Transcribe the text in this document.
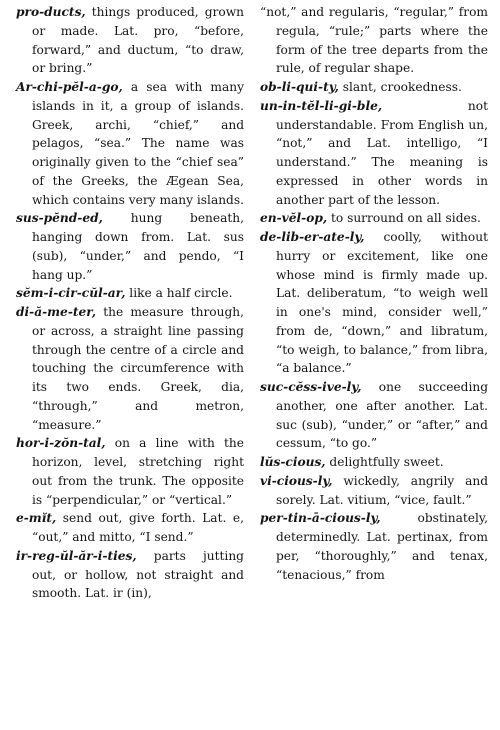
pro-ducts, things produced, grown or made. Lat. pro, “before, forward,” and ductum, “to draw, or bring.”

Ar-chi-pĕl-a-go, a sea with many islands in it, a group of islands. Greek, archi, “chief,” and pelagos, “sea.” The name was originally given to the “chief sea” of the Greeks, the Ægean Sea, which contains very many islands.

sus-pĕnd-ed, hung beneath, hanging down from. Lat. sus (sub), “under,” and pendo, “I hang up.”

sĕm-i-cir-cŭl-ar, like a half circle.

di-ă-me-ter, the measure through, or across, a straight line passing through the centre of a circle and touching the circumference with its two ends. Greek, dia, “through,” and metron, “measure.”

hor-i-zŏn-tal, on a line with the horizon, level, stretching right out from the trunk. The opposite is “perpendicular,” or “vertical.”

e-mĭt, send out, give forth. Lat. e, “out,” and mitto, “I send.”

ir-reg-ŭl-ăr-i-ties, parts jutting out, or hollow, not straight and smooth. Lat. ir (in),

“not,” and regularis, “regular,” from regula, “rule;” parts where the form of the tree departs from the rule, of regular shape.

ob-li-qui-ty, slant, crookedness.

un-in-tĕl-li-gi-ble, not understandable. From English un, “not,” and Lat. intelligo, “I understand.” The meaning is expressed in other words in another part of the lesson.

en-vĕl-op, to surround on all sides.

de-lib-er-ate-ly, coolly, without hurry or excitement, like one whose mind is firmly made up. Lat. deliberatum, “to weigh well in one's mind, consider well,” from de, “down,” and libratum, “to weigh, to balance,” from libra, “a balance.”

suc-cĕss-ive-ly, one succeeding another, one after another. Lat. suc (sub), “under,” or “after,” and cessum, “to go.”

lŭs-cious, delightfully sweet.

vi-cious-ly, wickedly, angrily and sorely. Lat. vitium, “vice, fault.”

per-tin-ā-cious-ly, obstinately, determinedly. Lat. pertinax, from per, “thoroughly,” and tenax, “tenacious,” from
